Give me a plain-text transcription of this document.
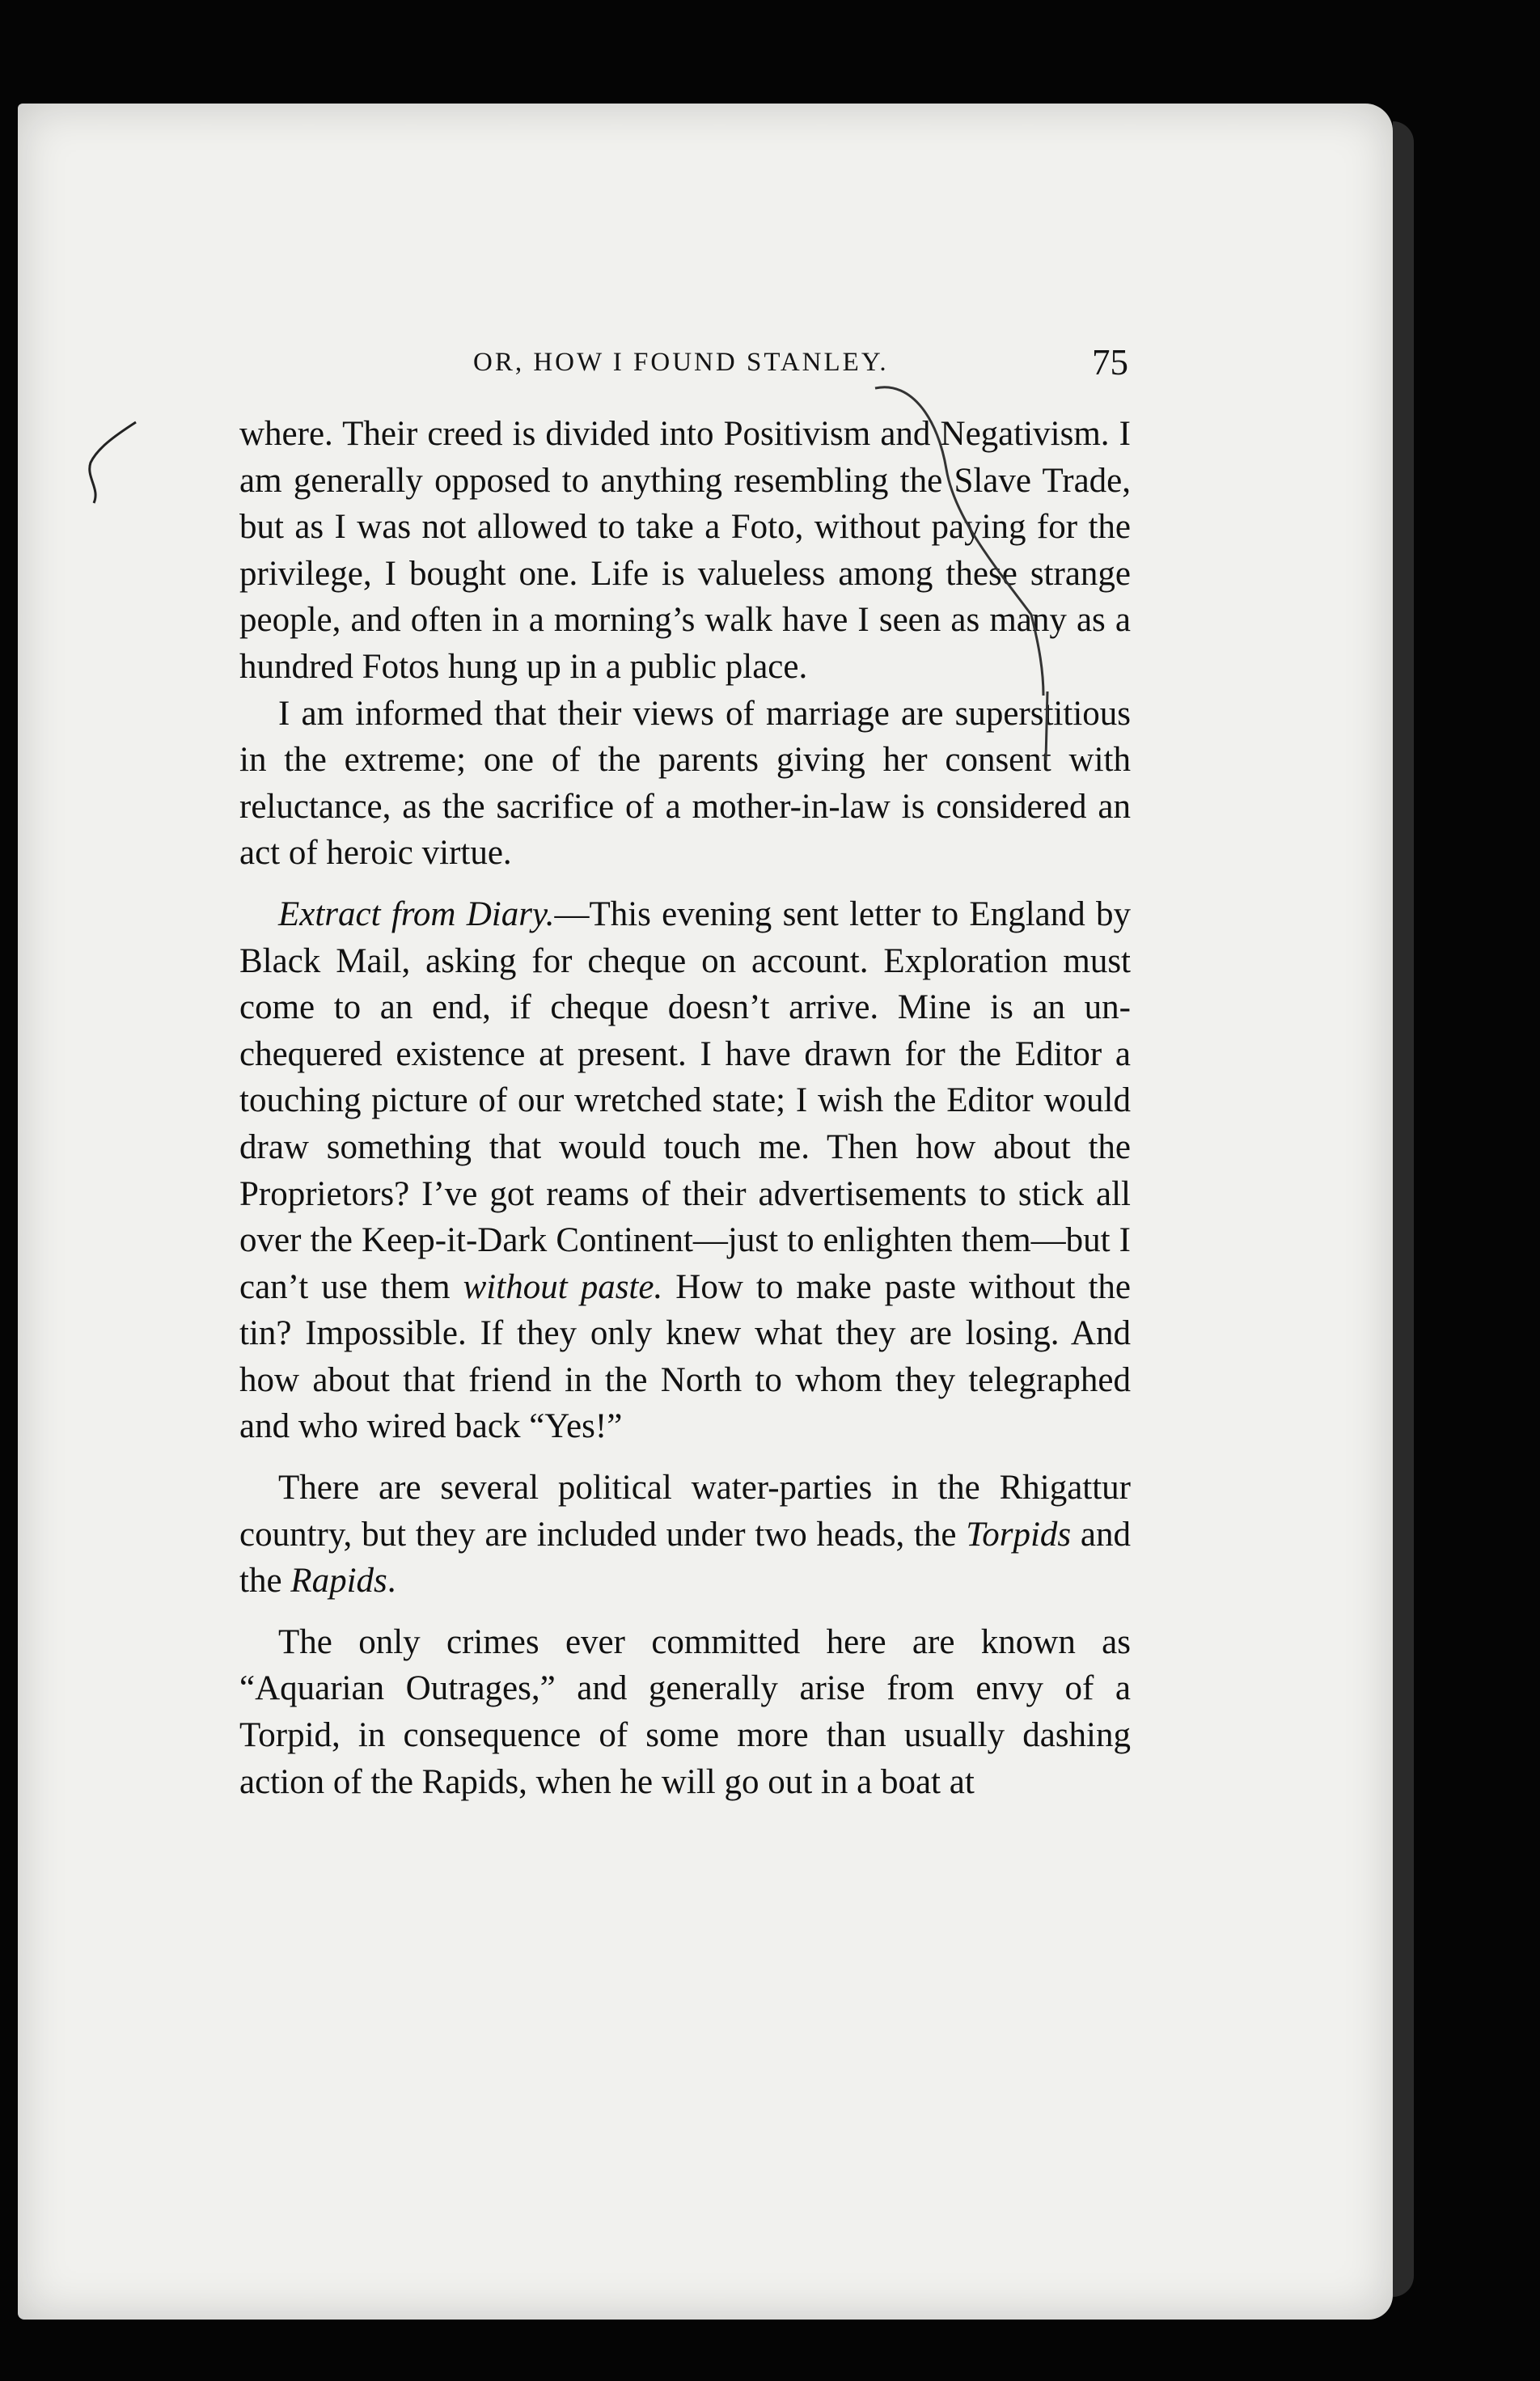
OR, HOW I FOUND STANLEY.	75

where. Their creed is divided into Positivism and Negativism. I am generally opposed to anything resembling the Slave Trade, but as I was not allowed to take a Foto, without paying for the privilege, I bought one. Life is valueless among these strange people, and often in a morning’s walk have I seen as many as a hundred Fotos hung up in a public place.

I am informed that their views of marriage are superstitious in the extreme; one of the parents giving her consent with reluctance, as the sacrifice of a mother-in-law is considered an act of heroic virtue.

Extract from Diary.—This evening sent letter to England by Black Mail, asking for cheque on account. Exploration must come to an end, if cheque doesn’t arrive. Mine is an un-chequered existence at present. I have drawn for the Editor a touching picture of our wretched state; I wish the Editor would draw something that would touch me. Then how about the Proprietors? I’ve got reams of their advertisements to stick all over the Keep-it-Dark Continent—just to enlighten them—but I can’t use them without paste. How to make paste without the tin? Impossible. If they only knew what they are losing. And how about that friend in the North to whom they telegraphed and who wired back “Yes!”

There are several political water-parties in the Rhigattur country, but they are included under two heads, the Torpids and the Rapids.

The only crimes ever committed here are known as “Aquarian Outrages,” and generally arise from envy of a Torpid, in consequence of some more than usually dashing action of the Rapids, when he will go out in a boat at
